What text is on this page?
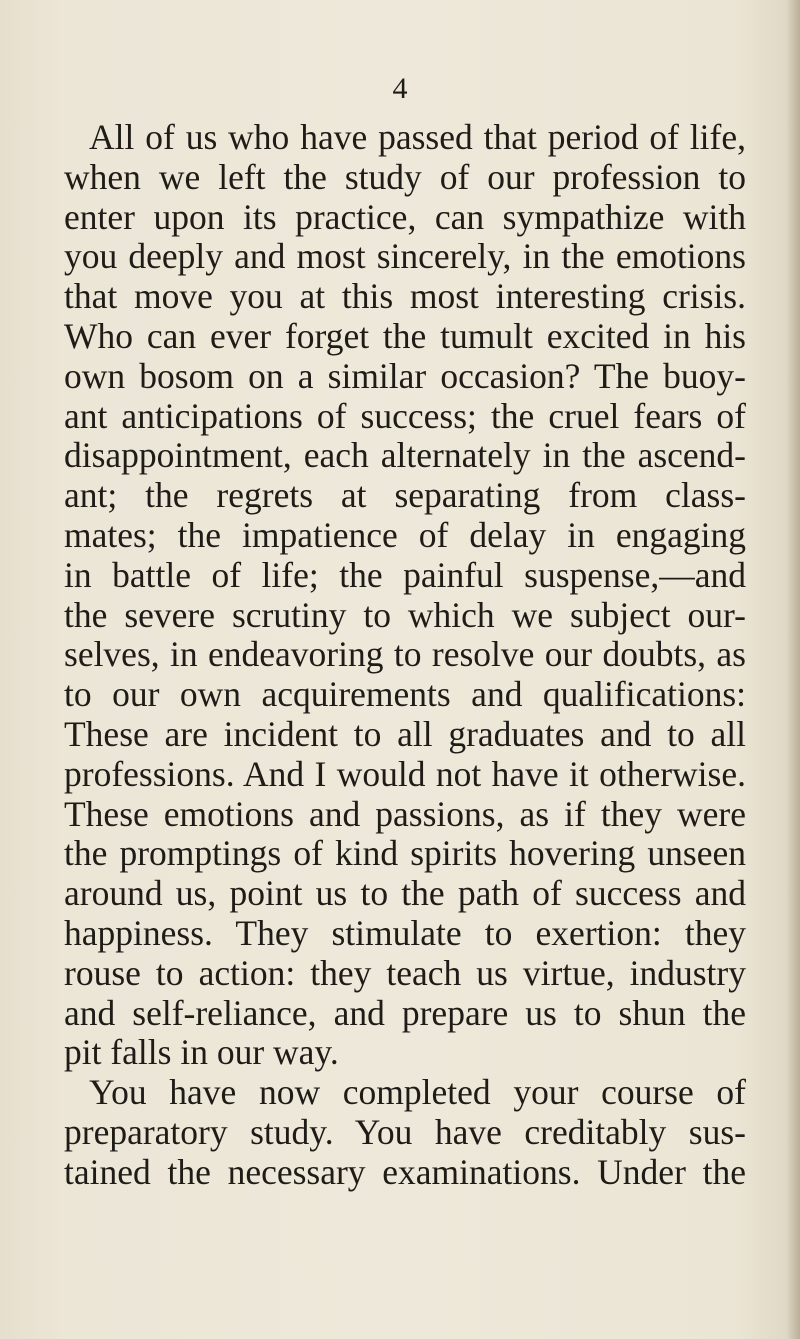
4
All of us who have passed that period of life,
when we left the study of our profession to
enter upon its practice, can sympathize with
you deeply and most sincerely, in the emotions
that move you at this most interesting crisis.
Who can ever forget the tumult excited in his
own bosom on a similar occasion? The buoy-
ant anticipations of success; the cruel fears of
disappointment, each alternately in the ascend-
ant; the regrets at separating from class-
mates; the impatience of delay in engaging
in battle of life; the painful suspense,—and
the severe scrutiny to which we subject our-
selves, in endeavoring to resolve our doubts, as
to our own acquirements and qualifications:
These are incident to all graduates and to all
professions. And I would not have it otherwise.
These emotions and passions, as if they were
the promptings of kind spirits hovering unseen
around us, point us to the path of success and
happiness. They stimulate to exertion: they
rouse to action: they teach us virtue, industry
and self-reliance, and prepare us to shun the
pit falls in our way.
You have now completed your course of
preparatory study. You have creditably sus-
tained the necessary examinations. Under the
